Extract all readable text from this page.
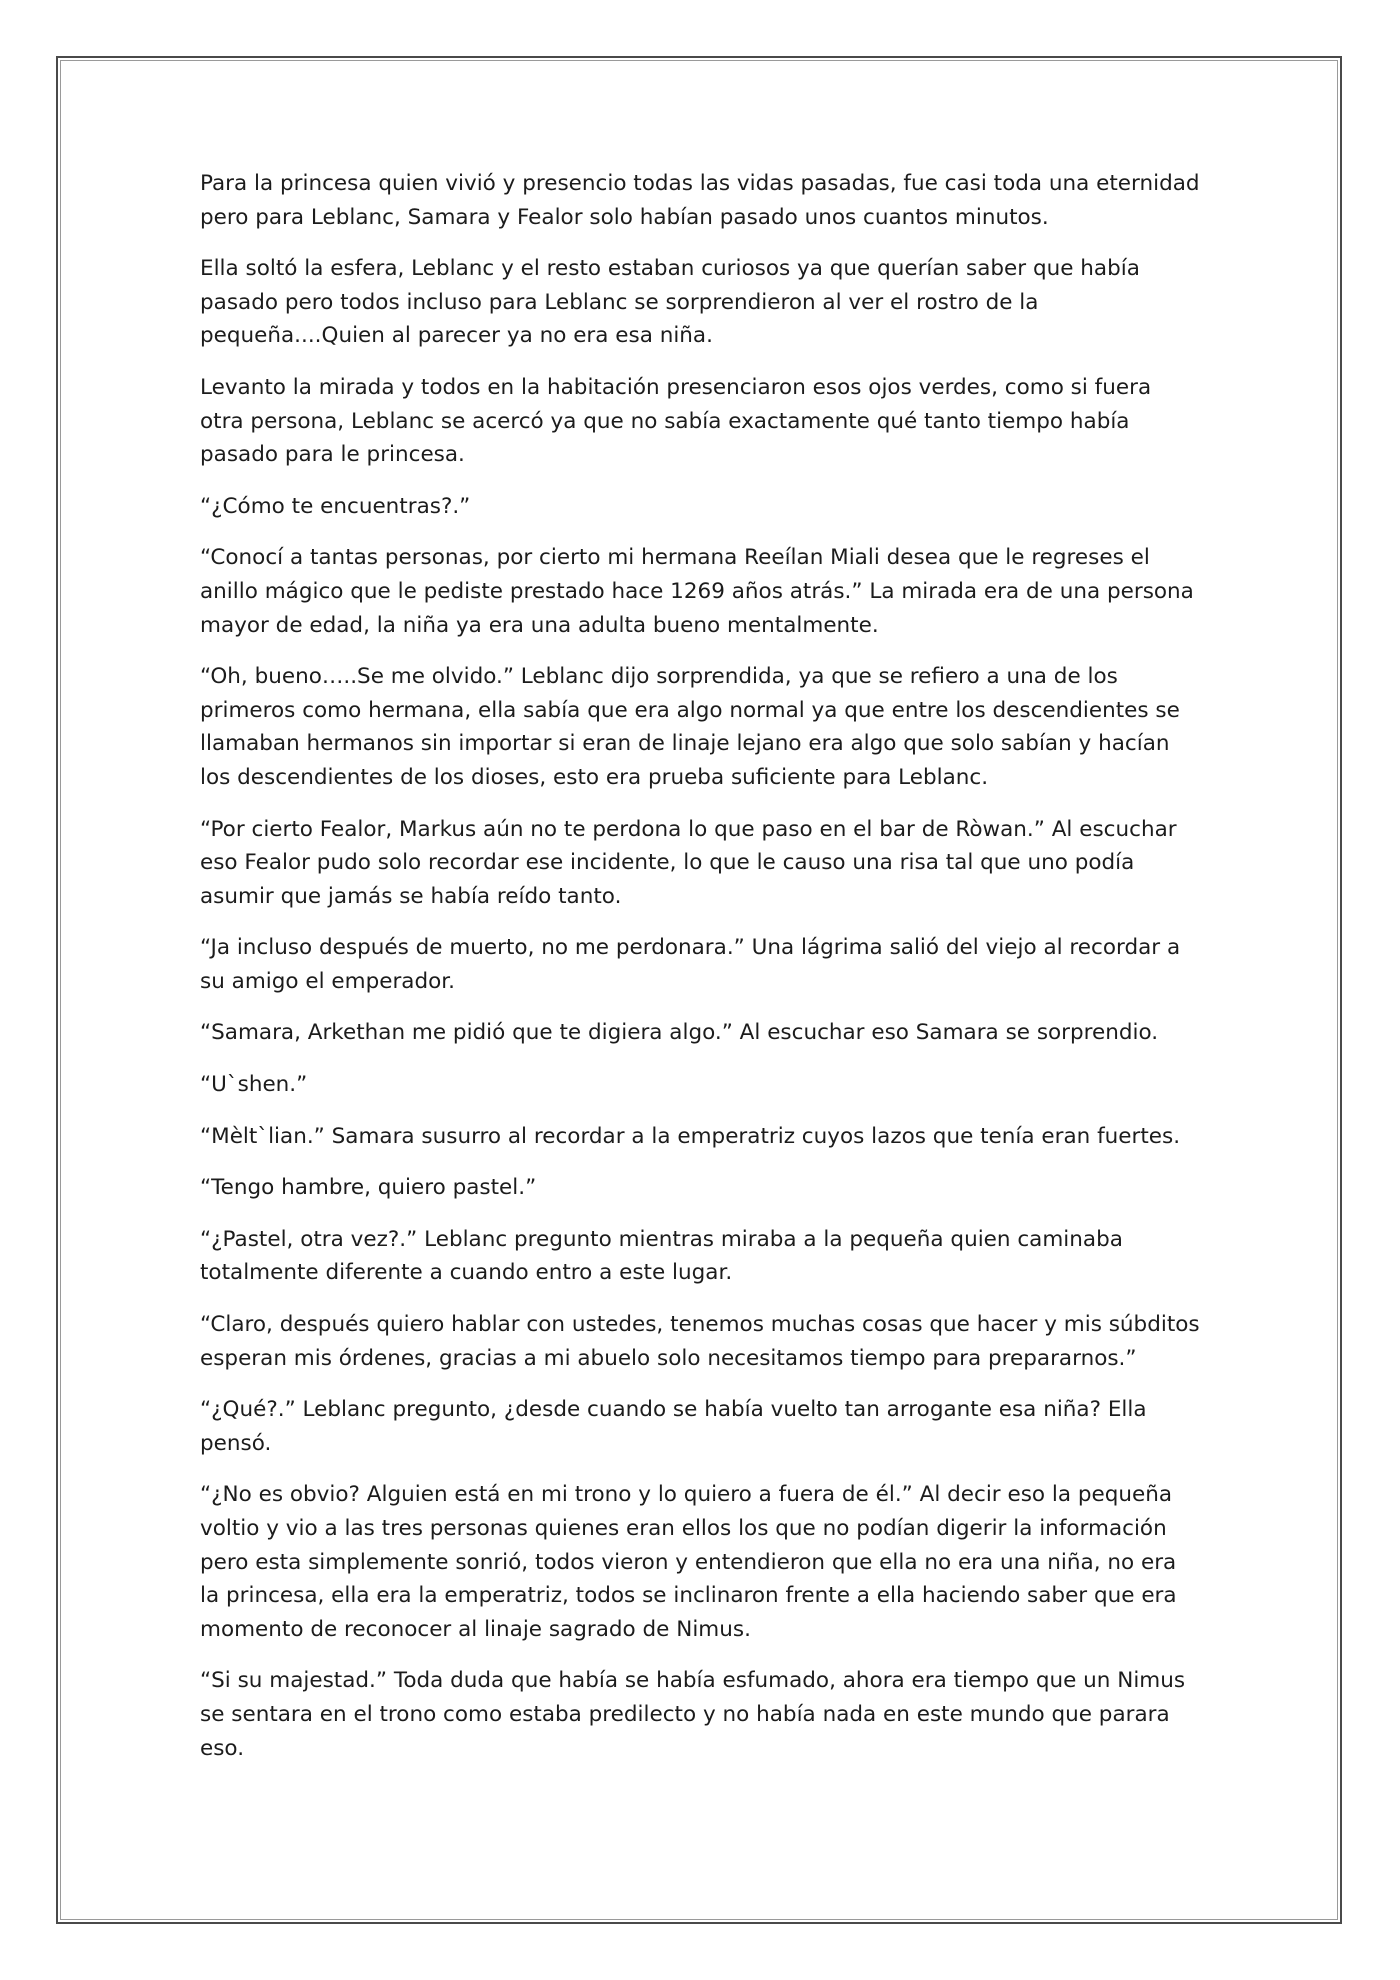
Para la princesa quien vivió y presencio todas las vidas pasadas, fue casi toda una eternidad pero para Leblanc, Samara y Fealor solo habían pasado unos cuantos minutos.

Ella soltó la esfera, Leblanc y el resto estaban curiosos ya que querían saber que había pasado pero todos incluso para Leblanc se sorprendieron al ver el rostro de la pequeña....Quien al parecer ya no era esa niña.

Levanto la mirada y todos en la habitación presenciaron esos ojos verdes, como si fuera otra persona, Leblanc se acercó ya que no sabía exactamente qué tanto tiempo había pasado para le princesa.

“¿Cómo te encuentras?.”

“Conocí a tantas personas, por cierto mi hermana Reeílan Miali desea que le regreses el anillo mágico que le pediste prestado hace 1269 años atrás.” La mirada era de una persona mayor de edad, la niña ya era una adulta bueno mentalmente.

“Oh, bueno…..Se me olvido.” Leblanc dijo sorprendida, ya que se refiero a una de los primeros como hermana, ella sabía que era algo normal ya que entre los descendientes se llamaban hermanos sin importar si eran de linaje lejano era algo que solo sabían y hacían los descendientes de los dioses, esto era prueba suficiente para Leblanc.

“Por cierto Fealor, Markus aún no te perdona lo que paso en el bar de Ròwan.” Al escuchar eso Fealor pudo solo recordar ese incidente, lo que le causo una risa tal que uno podía asumir que jamás se había reído tanto.

“Ja incluso después de muerto, no me perdonara.” Una lágrima salió del viejo al recordar a su amigo el emperador.

“Samara, Arkethan me pidió que te digiera algo.” Al escuchar eso Samara se sorprendio.

“U`shen.”

“Mèlt`lian.” Samara susurro al recordar a la emperatriz cuyos lazos que tenía eran fuertes.

“Tengo hambre, quiero pastel.”

“¿Pastel, otra vez?.” Leblanc pregunto mientras miraba a la pequeña quien caminaba totalmente diferente a cuando entro a este lugar.

“Claro, después quiero hablar con ustedes, tenemos muchas cosas que hacer y mis súbditos esperan mis órdenes, gracias a mi abuelo solo necesitamos tiempo para prepararnos.”

“¿Qué?.” Leblanc pregunto, ¿desde cuando se había vuelto tan arrogante esa niña? Ella pensó.

“¿No es obvio? Alguien está en mi trono y lo quiero a fuera de él.” Al decir eso la pequeña voltio y vio a las tres personas quienes eran ellos los que no podían digerir la información pero esta simplemente sonrió, todos vieron y entendieron que ella no era una niña, no era la princesa, ella era la emperatriz, todos se inclinaron frente a ella haciendo saber que era momento de reconocer al linaje sagrado de Nimus.

“Si su majestad.” Toda duda que había se había esfumado, ahora era tiempo que un Nimus se sentara en el trono como estaba predilecto y no había nada en este mundo que parara eso.
